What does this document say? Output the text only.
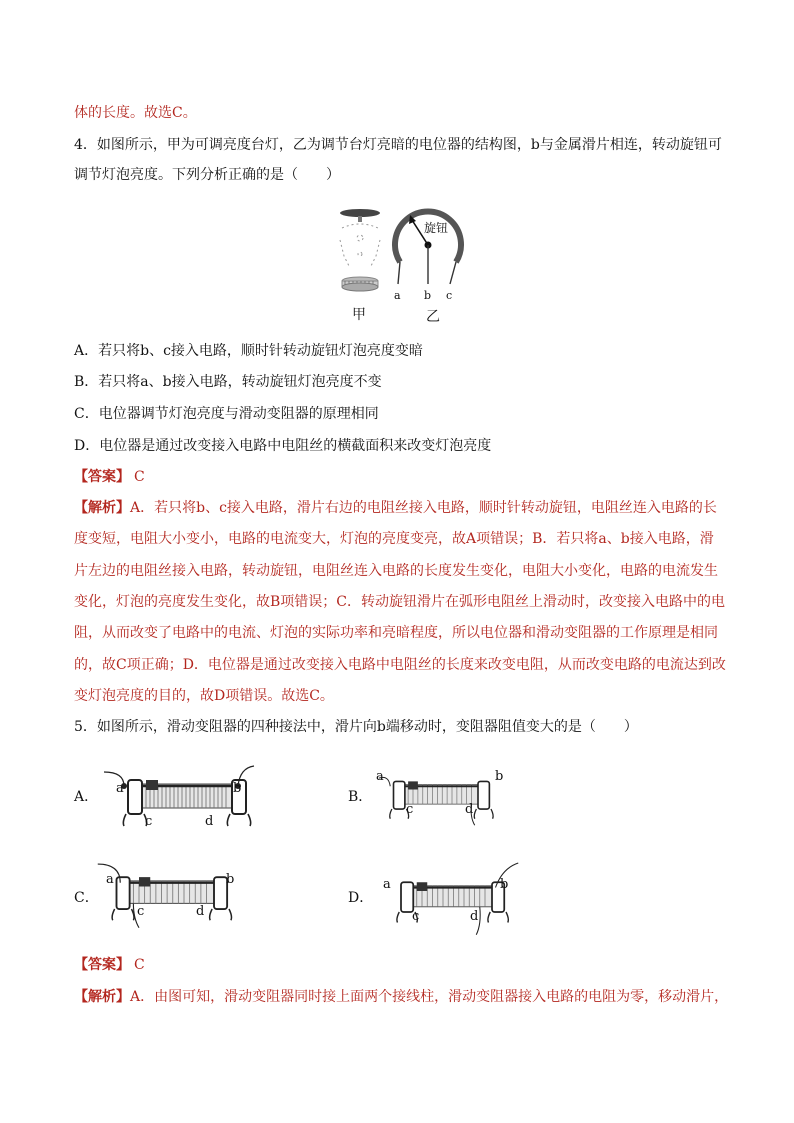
体的长度。故选C。
4．如图所示，甲为可调亮度台灯，乙为调节台灯亮暗的电位器的结构图，b与金属滑片相连，转动旋钮可
调节灯泡亮度。下列分析正确的是（　　）
旋钮
a b c
甲	乙
A．若只将b、c接入电路，顺时针转动旋钮灯泡亮度变暗
B．若只将a、b接入电路，转动旋钮灯泡亮度不变
C．电位器调节灯泡亮度与滑动变阻器的原理相同
D．电位器是通过改变接入电路中电阻丝的横截面积来改变灯泡亮度
【答案】 C
【解析】A．若只将b、c接入电路，滑片右边的电阻丝接入电路，顺时针转动旋钮，电阻丝连入电路的长
度变短，电阻大小变小，电路的电流变大，灯泡的亮度变亮，故A项错误；B．若只将a、b接入电路，滑
片左边的电阻丝接入电路，转动旋钮，电阻丝连入电路的长度发生变化，电阻大小变化，电路的电流发生
变化，灯泡的亮度发生变化，故B项错误；C．转动旋钮滑片在弧形电阻丝上滑动时，改变接入电路中的电
阻，从而改变了电路中的电流、灯泡的实际功率和亮暗程度，所以电位器和滑动变阻器的工作原理是相同
的，故C项正确；D．电位器是通过改变接入电路中电阻丝的长度来改变电阻，从而改变电路的电流达到改
变灯泡亮度的目的，故D项错误。故选C。
5．如图所示，滑动变阻器的四种接法中，滑片向b端移动时，变阻器阻值变大的是（　　）
A．
a	b
c	d
B．
a	b
c	d
C．
a	b
c	d
D．
a	b
c	d
【答案】 C
【解析】A．由图可知，滑动变阻器同时接上面两个接线柱，滑动变阻器接入电路的电阻为零，移动滑片，
